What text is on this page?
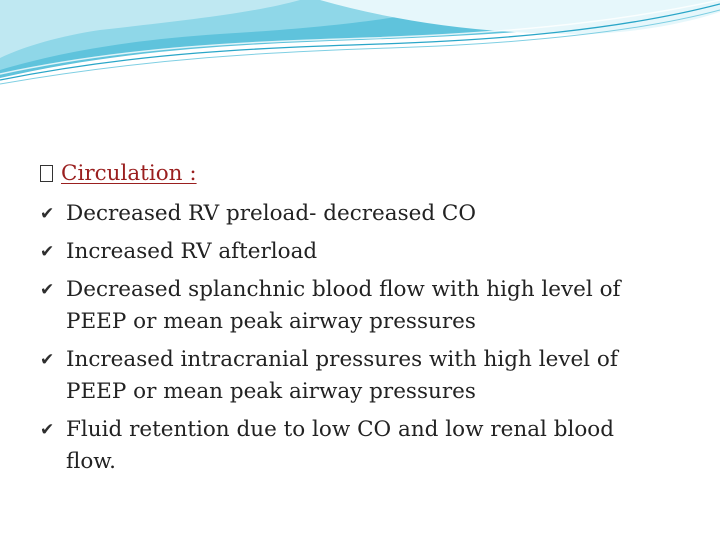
Circulation :
✔ Decreased RV preload- decreased CO
✔ Increased RV afterload
✔ Decreased splanchnic blood flow with high level of
PEEP or mean peak airway pressures
✔ Increased intracranial pressures with high level of
PEEP or mean peak airway pressures
✔ Fluid retention due to low CO and low renal blood
flow.
